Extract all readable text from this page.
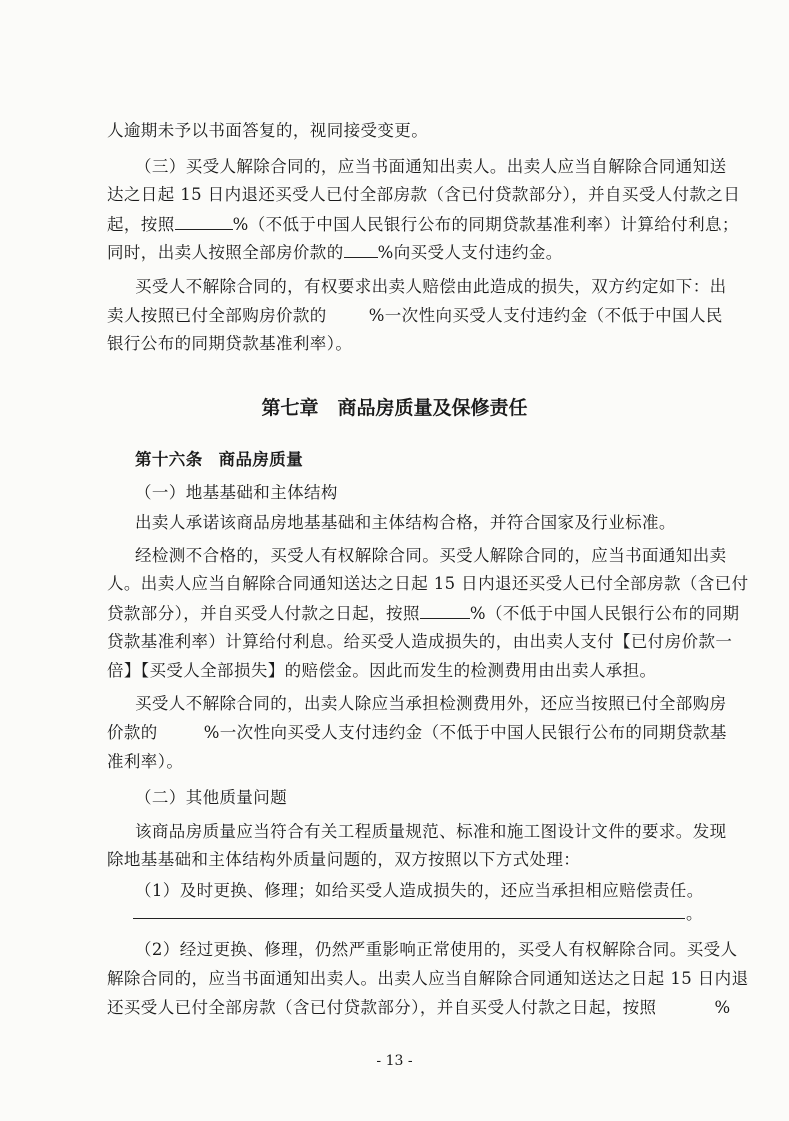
人逾期未予以书面答复的，视同接受变更。
（三）买受人解除合同的，应当书面通知出卖人。出卖人应当自解除合同通知送
达之日起 15 日内退还买受人已付全部房款（含已付贷款部分），并自买受人付款之日
起，按照	%（不低于中国人民银行公布的同期贷款基准利率）计算给付利息；
同时，出卖人按照全部房价款的 %向买受人支付违约金。
买受人不解除合同的，有权要求出卖人赔偿由此造成的损失，双方约定如下：出
卖人按照已付全部购房价款的	%一次性向买受人支付违约金（不低于中国人民
银行公布的同期贷款基准利率）。
第七章　商品房质量及保修责任
第十六条 商品房质量
（一）地基基础和主体结构
出卖人承诺该商品房地基基础和主体结构合格，并符合国家及行业标准。
经检测不合格的，买受人有权解除合同。买受人解除合同的，应当书面通知出卖
人。出卖人应当自解除合同通知送达之日起 15 日内退还买受人已付全部房款（含已付
贷款部分），并自买受人付款之日起，按照	%（不低于中国人民银行公布的同期
贷款基准利率）计算给付利息。给买受人造成损失的，由出卖人支付【已付房价款一
倍】【买受人全部损失】的赔偿金。因此而发生的检测费用由出卖人承担。
买受人不解除合同的，出卖人除应当承担检测费用外，还应当按照已付全部购房
价款的	%一次性向买受人支付违约金（不低于中国人民银行公布的同期贷款基
准利率）。
（二）其他质量问题
该商品房质量应当符合有关工程质量规范、标准和施工图设计文件的要求。发现
除地基基础和主体结构外质量问题的，双方按照以下方式处理：
（1）及时更换、修理；如给买受人造成损失的，还应当承担相应赔偿责任。
。
（2）经过更换、修理，仍然严重影响正常使用的，买受人有权解除合同。买受人
解除合同的，应当书面通知出卖人。出卖人应当自解除合同通知送达之日起 15 日内退
还买受人已付全部房款（含已付贷款部分），并自买受人付款之日起，按照	%
- 13 -
